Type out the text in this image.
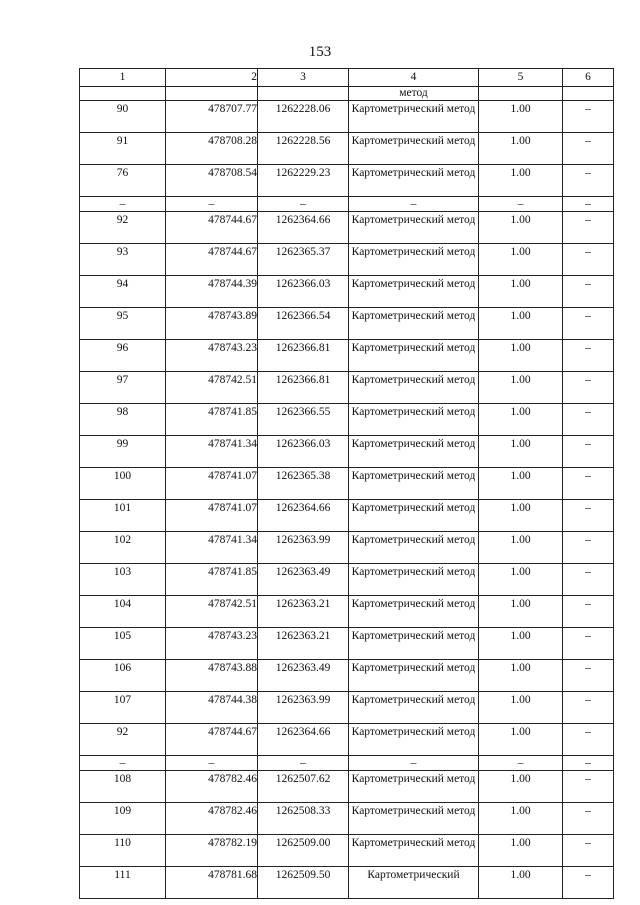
153
1	2	3	4	5	6
			метод		
90	478707.77	1262228.06	Картометрический метод	1.00	–
91	478708.28	1262228.56	Картометрический метод	1.00	–
76	478708.54	1262229.23	Картометрический метод	1.00	–
–	–	–	–	–	–
92	478744.67	1262364.66	Картометрический метод	1.00	–
93	478744.67	1262365.37	Картометрический метод	1.00	–
94	478744.39	1262366.03	Картометрический метод	1.00	–
95	478743.89	1262366.54	Картометрический метод	1.00	–
96	478743.23	1262366.81	Картометрический метод	1.00	–
97	478742.51	1262366.81	Картометрический метод	1.00	–
98	478741.85	1262366.55	Картометрический метод	1.00	–
99	478741.34	1262366.03	Картометрический метод	1.00	–
100	478741.07	1262365.38	Картометрический метод	1.00	–
101	478741.07	1262364.66	Картометрический метод	1.00	–
102	478741.34	1262363.99	Картометрический метод	1.00	–
103	478741.85	1262363.49	Картометрический метод	1.00	–
104	478742.51	1262363.21	Картометрический метод	1.00	–
105	478743.23	1262363.21	Картометрический метод	1.00	–
106	478743.88	1262363.49	Картометрический метод	1.00	–
107	478744.38	1262363.99	Картометрический метод	1.00	–
92	478744.67	1262364.66	Картометрический метод	1.00	–
–	–	–	–	–	–
108	478782.46	1262507.62	Картометрический метод	1.00	–
109	478782.46	1262508.33	Картометрический метод	1.00	–
110	478782.19	1262509.00	Картометрический метод	1.00	–
111	478781.68	1262509.50	Картометрический	1.00	–
